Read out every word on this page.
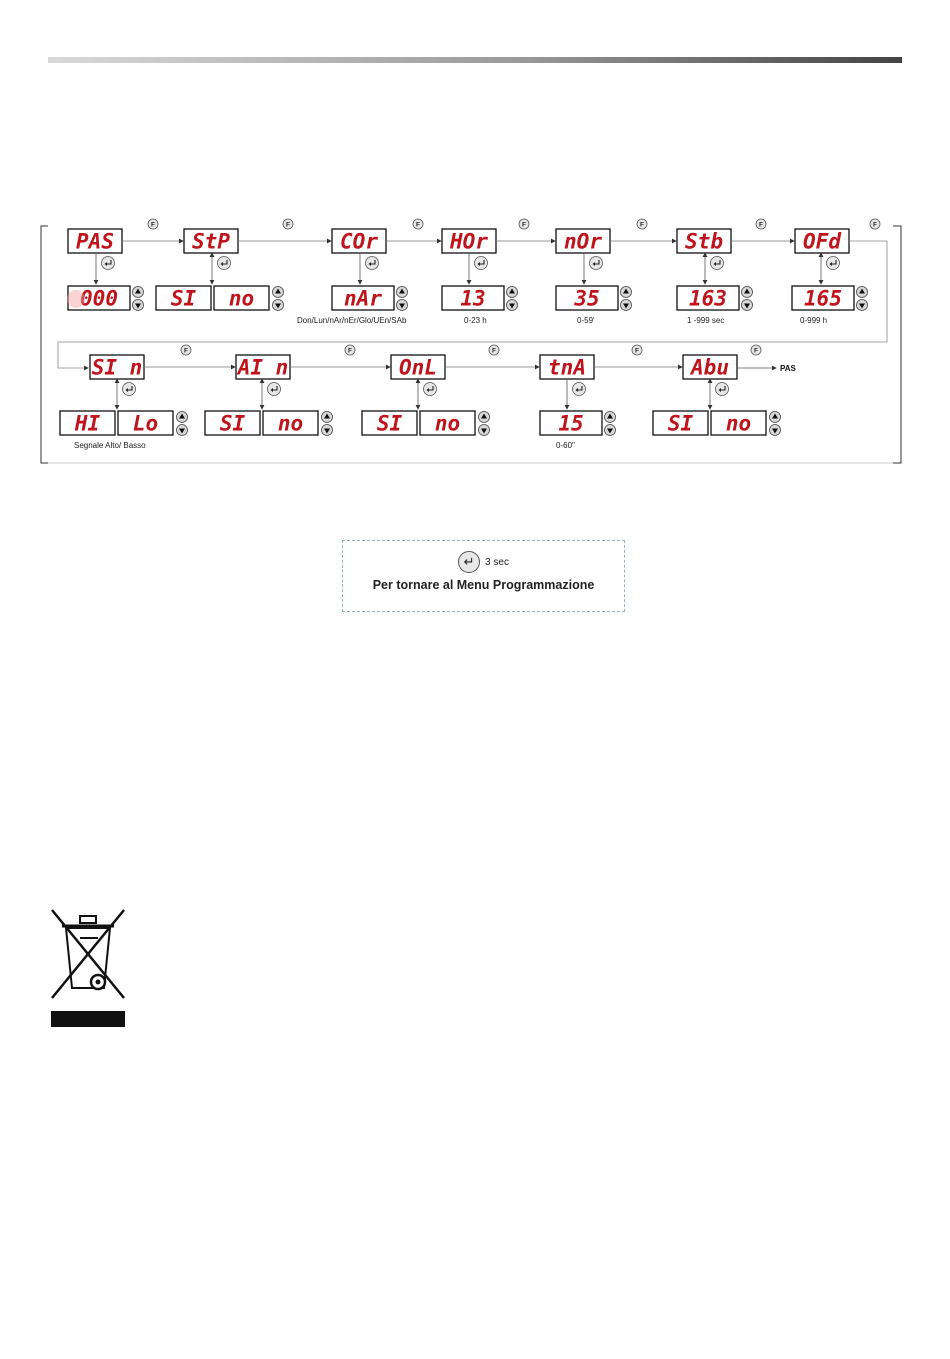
PAS
F
000
StP
F
SI no
COr
F
nAr
Don/Lun/nAr/nEr/Glo/UEn/SAb
HOr
F
13
0-23 h
nOr
F
35
0-59'
Stb
F
163
1 -999 sec
OFd
F
165
0-999 h
SI n
F
HI Lo
Segnale Alto/ Basso
AI n
F
SI no
OnL
F
SI no
tnA
F
15
0-60"
Abu
F
SI no
PAS
↵	3 sec
Per tornare al Menu Programmazione
